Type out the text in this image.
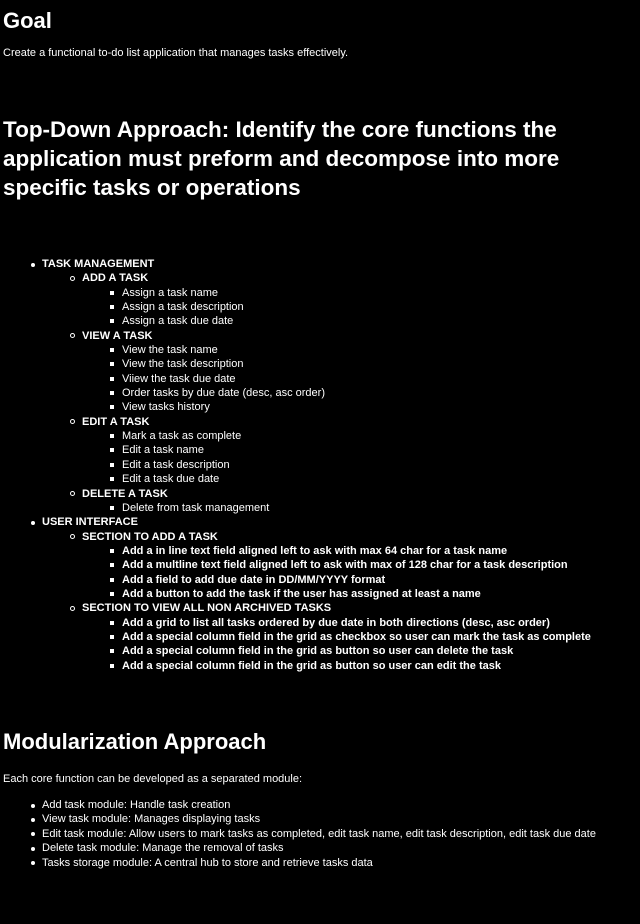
Goal

Create a functional to-do list application that manages tasks effectively.

Top-Down Approach: Identify the core functions the application must preform and decompose into more specific tasks or operations
TASK MANAGEMENT
ADD A TASK
Assign a task name
Assign a task description
Assign a task due date
VIEW A TASK
View the task name
View the task description
Viiew the task due date
Order tasks by due date (desc, asc order)
View tasks history
EDIT A TASK
Mark a task as complete
Edit a task name
Edit a task description
Edit a task due date
DELETE A TASK
Delete from task management
USER INTERFACE
SECTION TO ADD A TASK
Add a in line text field aligned left to ask with max 64 char for a task name
Add a multline text field aligned left to ask with max of 128 char for a task description
Add a field to add due date in DD/MM/YYYY format
Add a button to add the task if the user has assigned at least a name
SECTION TO VIEW ALL NON ARCHIVED TASKS
Add a grid to list all tasks ordered by due date in both directions (desc, asc order)
Add a special column field in the grid as checkbox so user can mark the task as complete
Add a special column field in the grid as button so user can delete the task
Add a special column field in the grid as button so user can edit the task
Modularization Approach

Each core function can be developed as a separated module:

Add task module: Handle task creation
View task module: Manages displaying tasks
Edit task module: Allow users to mark tasks as completed, edit task name, edit task description, edit task due date
Delete task module: Manage the removal of tasks
Tasks storage module: A central hub to store and retrieve tasks data
